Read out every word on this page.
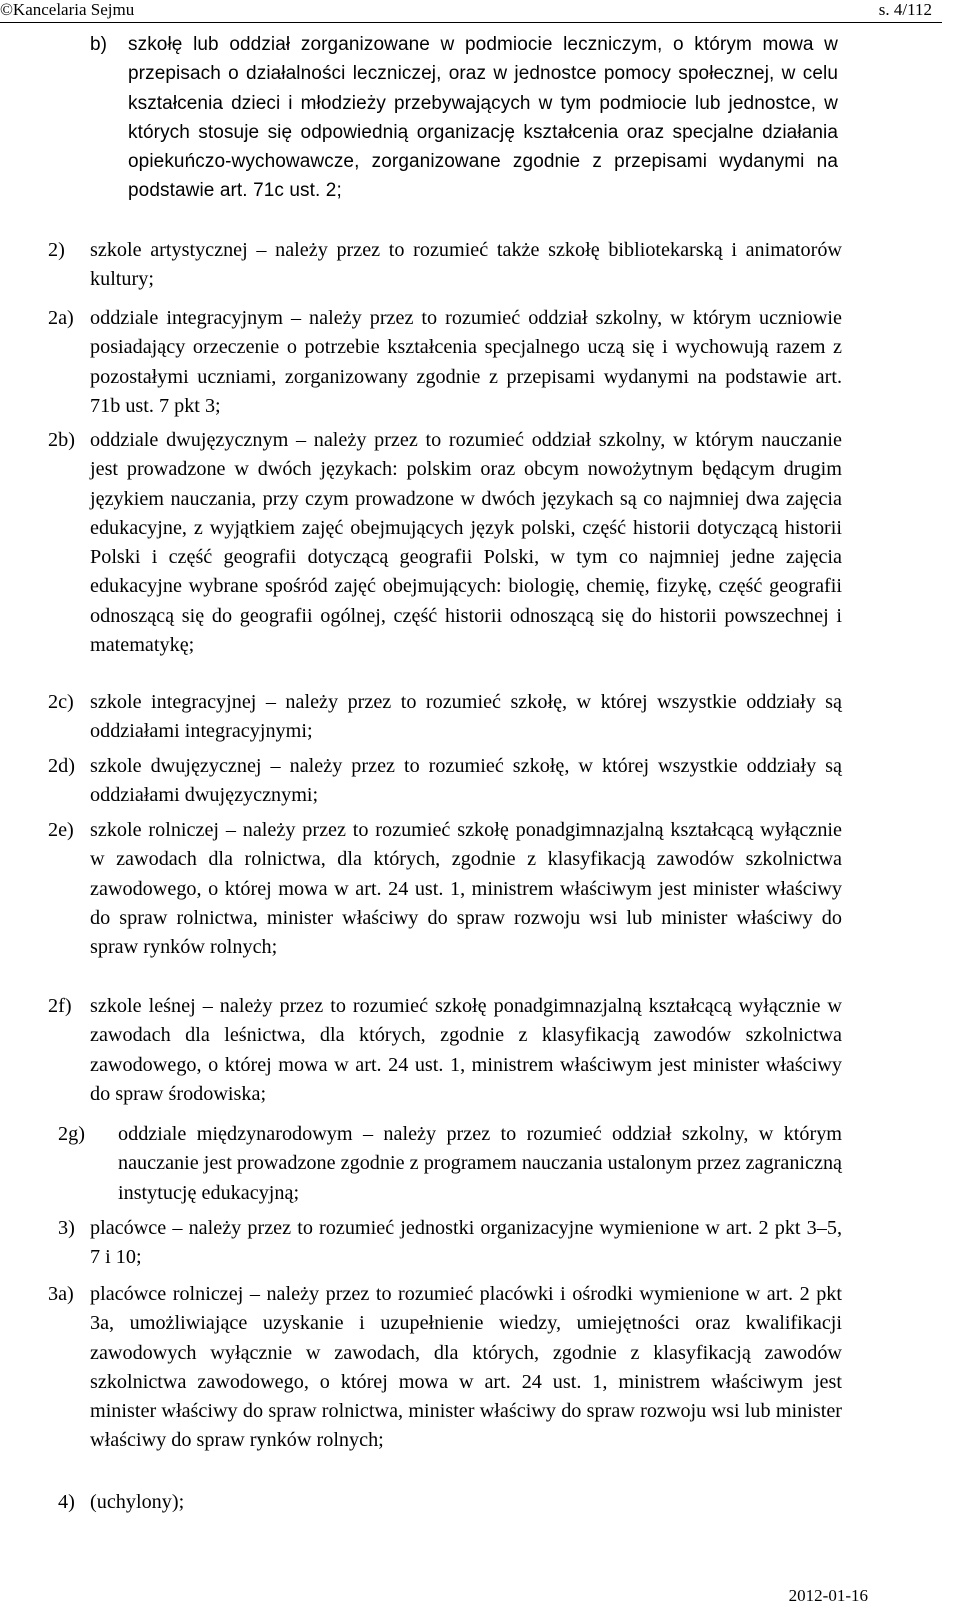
©Kancelaria Sejmu	s. 4/112
b) szkołę lub oddział zorganizowane w podmiocie leczniczym, o którym mowa w przepisach o działalności leczniczej, oraz w jednostce pomocy społecznej, w celu kształcenia dzieci i młodzieży przebywających w tym podmiocie lub jednostce, w których stosuje się odpowiednią organizację kształcenia oraz specjalne działania opiekuńczo-wychowawcze, zorganizowane zgodnie z przepisami wydanymi na podstawie art. 71c ust. 2;
2) szkole artystycznej – należy przez to rozumieć także szkołę bibliotekarską i animatorów kultury;
2a) oddziale integracyjnym – należy przez to rozumieć oddział szkolny, w którym uczniowie posiadający orzeczenie o potrzebie kształcenia specjalnego uczą się i wychowują razem z pozostałymi uczniami, zorganizowany zgodnie z przepisami wydanymi na podstawie art. 71b ust. 7 pkt 3;
2b) oddziale dwujęzycznym – należy przez to rozumieć oddział szkolny, w którym nauczanie jest prowadzone w dwóch językach: polskim oraz obcym nowożytnym będącym drugim językiem nauczania, przy czym prowadzone w dwóch językach są co najmniej dwa zajęcia edukacyjne, z wyjątkiem zajęć obejmujących język polski, część historii dotyczącą historii Polski i część geografii dotyczącą geografii Polski, w tym co najmniej jedne zajęcia edukacyjne wybrane spośród zajęć obejmujących: biologię, chemię, fizykę, część geografii odnoszącą się do geografii ogólnej, część historii odnoszącą się do historii powszechnej i matematykę;
2c) szkole integracyjnej – należy przez to rozumieć szkołę, w której wszystkie oddziały są oddziałami integracyjnymi;
2d) szkole dwujęzycznej – należy przez to rozumieć szkołę, w której wszystkie oddziały są oddziałami dwujęzycznymi;
2e) szkole rolniczej – należy przez to rozumieć szkołę ponadgimnazjalną kształcącą wyłącznie w zawodach dla rolnictwa, dla których, zgodnie z klasyfikacją zawodów szkolnictwa zawodowego, o której mowa w art. 24 ust. 1, ministrem właściwym jest minister właściwy do spraw rolnictwa, minister właściwy do spraw rozwoju wsi lub minister właściwy do spraw rynków rolnych;
2f) szkole leśnej – należy przez to rozumieć szkołę ponadgimnazjalną kształcącą wyłącznie w zawodach dla leśnictwa, dla których, zgodnie z klasyfikacją zawodów szkolnictwa zawodowego, o której mowa w art. 24 ust. 1, ministrem właściwym jest minister właściwy do spraw środowiska;
2g) oddziale międzynarodowym – należy przez to rozumieć oddział szkolny, w którym nauczanie jest prowadzone zgodnie z programem nauczania ustalonym przez zagraniczną instytucję edukacyjną;
3) placówce – należy przez to rozumieć jednostki organizacyjne wymienione w art. 2 pkt 3–5, 7 i 10;
3a) placówce rolniczej – należy przez to rozumieć placówki i ośrodki wymienione w art. 2 pkt 3a, umożliwiające uzyskanie i uzupełnienie wiedzy, umiejętności oraz kwalifikacji zawodowych wyłącznie w zawodach, dla których, zgodnie z klasyfikacją zawodów szkolnictwa zawodowego, o której mowa w art. 24 ust. 1, ministrem właściwym jest minister właściwy do spraw rolnictwa, minister właściwy do spraw rozwoju wsi lub minister właściwy do spraw rynków rolnych;
4) (uchylony);
2012-01-16
